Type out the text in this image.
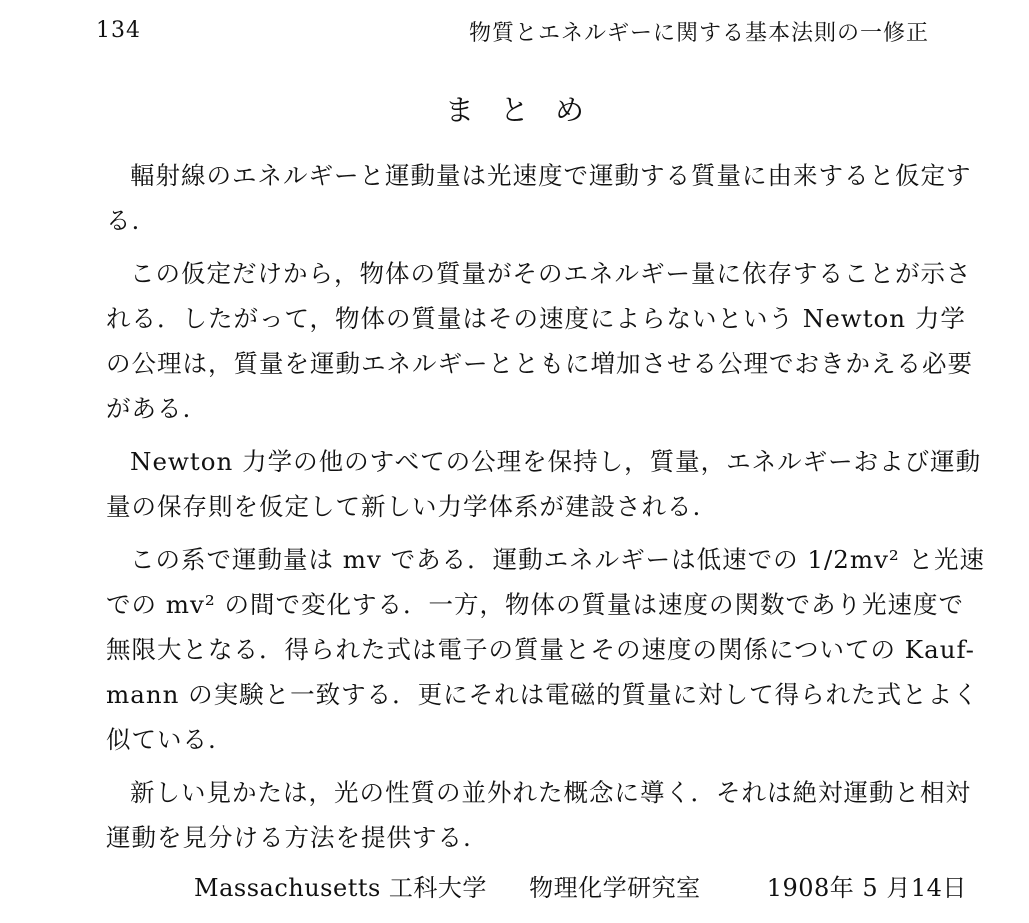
134	物質とエネルギーに関する基本法則の一修正
まとめ
輻射線のエネルギーと運動量は光速度で運動する質量に由来すると仮定す
る.
この仮定だけから，物体の質量がそのエネルギー量に依存することが示さ
れる．したがって，物体の質量はその速度によらないという Newton 力学
の公理は，質量を運動エネルギーとともに増加させる公理でおきかえる必要
がある.
Newton 力学の他のすべての公理を保持し，質量，エネルギーおよび運動
量の保存則を仮定して新しい力学体系が建設される.
この系で運動量は mv である．運動エネルギーは低速での 1/2mv² と光速
での mv² の間で変化する．一方，物体の質量は速度の関数であり光速度で
無限大となる．得られた式は電子の質量とその速度の関係についての Kauf-
mann の実験と一致する．更にそれは電磁的質量に対して得られた式とよく
似ている.
新しい見かたは，光の性質の並外れた概念に導く．それは絶対運動と相対
運動を見分ける方法を提供する.
Massachusetts 工科大学 物理化学研究室	1908年 5 月14日
